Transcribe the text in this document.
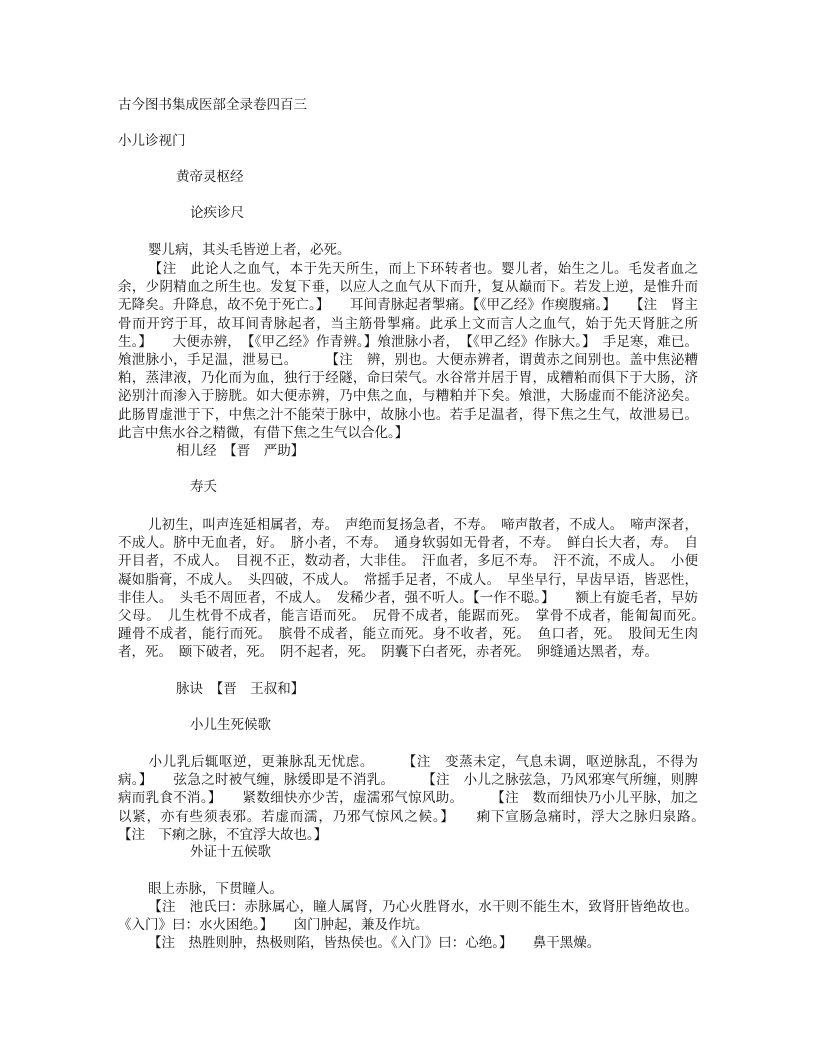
古今图书集成医部全录卷四百三
小儿诊视门
黄帝灵枢经
论疾诊尺
婴儿病，其头毛皆逆上者，必死。
【注　此论人之血气，本于先天所生，而上下环转者也。婴儿者，始生之儿。毛发者血之余，少阴精血之所生也。发复下垂，以应人之血气从下而升，复从巅而下。若发上逆，是惟升而无降矣。升降息，故不免于死亡。】　　耳间青脉起者掣痛。【《甲乙经》作瘈腹痛。】　　【注　肾主骨而开窍于耳，故耳间青脉起者，当主筋骨掣痛。此承上文而言人之血气，始于先天肾脏之所生。】　　大便赤辨，　【《甲乙经》作青辨。】飧泄脉小者，　【《甲乙经》作脉大。】　手足寒，难已。飧泄脉小，手足温，泄易已。　　　【注　辨，别也。大便赤辨者，谓黄赤之间别也。盖中焦泌糟粕，蒸津液，乃化而为血，独行于经隧，命曰荣气。水谷常并居于胃，成糟粕而俱下于大肠，济泌别汁而渗入于膀胱。如大便赤辨，乃中焦之血，与糟粕并下矣。飧泄，大肠虚而不能济泌矣。此肠胃虚泄于下，中焦之汁不能荣于脉中，故脉小也。若手足温者，得下焦之生气，故泄易已。此言中焦水谷之精微，有借下焦之生气以合化。】
相儿经　【晋　严助】
寿夭
儿初生，叫声连延相属者，寿。　声绝而复扬急者，不寿。　啼声散者，不成人。　啼声深者，不成人。脐中无血者，好。　脐小者，不寿。　通身软弱如无骨者，不寿。　鲜白长大者，寿。　自开目者，不成人。　目视不正，数动者，大非佳。　汗血者，多厄不寿。　汗不流，不成人。　小便凝如脂膏，不成人。　头四破，不成人。　常摇手足者，不成人。　早坐早行，早齿早语，皆恶性，非佳人。　头毛不周匝者，不成人。　发稀少者，强不听人。【一作不聪。】　　额上有旋毛者，早妨父母。　儿生枕骨不成者，能言语而死。　尻骨不成者，能踞而死。　掌骨不成者，能匍匐而死。　踵骨不成者，能行而死。　膑骨不成者，能立而死。身不收者，死。　鱼口者，死。　股间无生肉者，死。　颐下破者，死。　阴不起者，死。　阴囊下白者死，赤者死。　卵缝通达黑者，寿。
脉诀　【晋　王叔和】
小儿生死候歌
小儿乳后辄呕逆，更兼脉乱无忧虑。　　　【注　变蒸未定，气息未调，呕逆脉乱，不得为病。】　　弦急之时被气缠，脉缓即是不消乳。　　　【注　小儿之脉弦急，乃风邪寒气所缠，则脾病而乳食不消。】　　紧数细快亦少苦，虚濡邪气惊风助。　　　【注　数而细快乃小儿平脉，加之以紧，亦有些须表邪。若虚而濡，乃邪气惊风之候。】　　痢下宣肠急痛时，浮大之脉归泉路。　　　【注　下痢之脉，不宜浮大故也。】
外证十五候歌
眼上赤脉，下贯瞳人。
【注　池氏曰：赤脉属心，瞳人属肾，乃心火胜肾水，水干则不能生木，致肾肝皆绝故也。《入门》曰：水火困绝。】　　囟门肿起，兼及作坑。
【注　热胜则肿，热极则陷，皆热侯也。《入门》曰：心绝。】　　鼻干黑燥。
